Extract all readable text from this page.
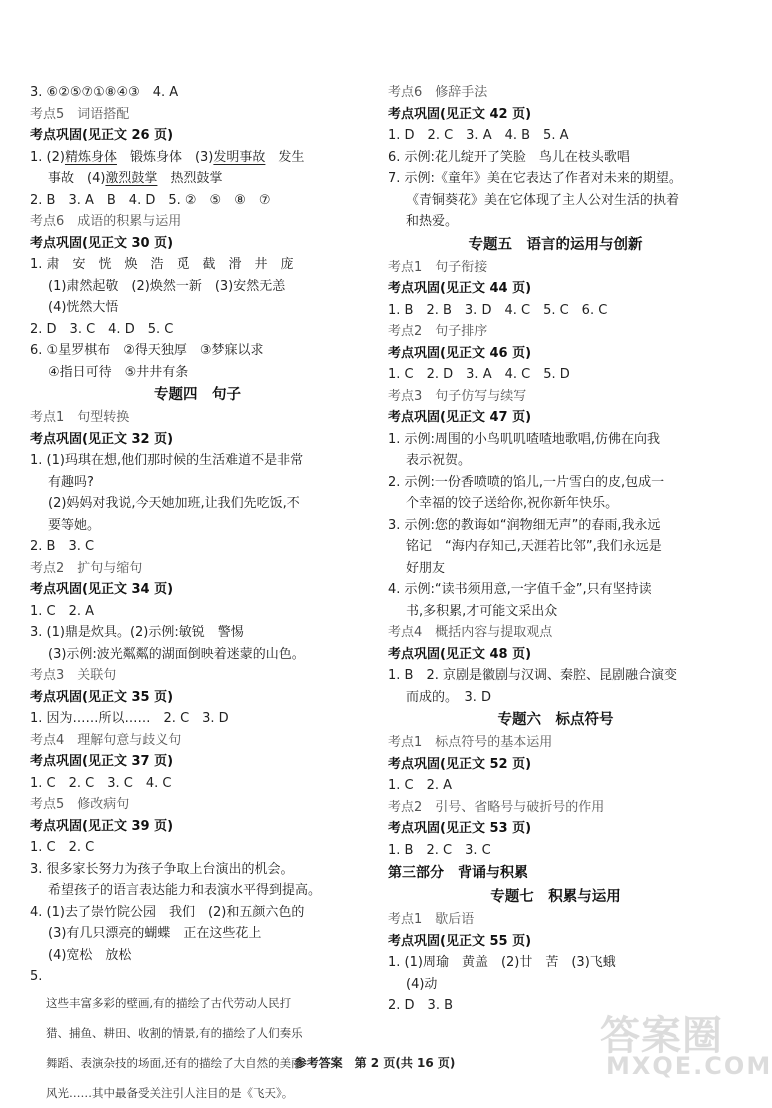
3. ⑥②⑤⑦①⑧④③　4. A
考点5　词语搭配
考点巩固(见正文 26 页)
1. (2)精炼身体　锻炼身体　(3)发明事故　发生
事故　(4)激烈鼓掌　热烈鼓掌
2. B　3. A　B　4. D　5. ②　⑤　⑧　⑦
考点6　成语的积累与运用
考点巩固(见正文 30 页)
1. 肃　安　恍　焕　浩　觅　截　滑　井　庞
(1)肃然起敬　(2)焕然一新　(3)安然无恙
(4)恍然大悟
2. D　3. C　4. D　5. C
6. ①星罗棋布　②得天独厚　③梦寐以求
④指日可待　⑤井井有条
专题四　句子
考点1　句型转换
考点巩固(见正文 32 页)
1. (1)玛琪在想,他们那时候的生活难道不是非常
有趣吗?
(2)妈妈对我说,今天她加班,让我们先吃饭,不
要等她。
2. B　3. C
考点2　扩句与缩句
考点巩固(见正文 34 页)
1. C　2. A
3. (1)鼎是炊具。(2)示例:敏锐　警惕
(3)示例:波光粼粼的湖面倒映着迷蒙的山色。
考点3　关联句
考点巩固(见正文 35 页)
1. 因为……所以……　2. C　3. D
考点4　理解句意与歧义句
考点巩固(见正文 37 页)
1. C　2. C　3. C　4. C
考点5　修改病句
考点巩固(见正文 39 页)
1. C　2. C
3. 很多家长努力为孩子争取上台演出的机会。
希望孩子的语言表达能力和表演水平得到提高。
4. (1)去了崇竹院公园　我们　(2)和五颜六色的
(3)有几只漂亮的蝴蝶　正在这些花上
(4)宽松　放松
5.
这些丰富多彩的壁画,有的描绘了古代劳动人民打
猎、捕鱼、耕田、收割的情景,有的描绘了人们奏乐
舞蹈、表演杂技的场面,还有的描绘了大自然的美丽
风光……其中最备受关注引人注目的是《飞天》。
考点6　修辞手法
考点巩固(见正文 42 页)
1. D　2. C　3. A　4. B　5. A
6. 示例:花儿绽开了笑脸　鸟儿在枝头歌唱
7. 示例:《童年》美在它表达了作者对未来的期望。
《青铜葵花》美在它体现了主人公对生活的执着
和热爱。
专题五　语言的运用与创新
考点1　句子衔接
考点巩固(见正文 44 页)
1. B　2. B　3. D　4. C　5. C　6. C
考点2　句子排序
考点巩固(见正文 46 页)
1. C　2. D　3. A　4. C　5. D
考点3　句子仿写与续写
考点巩固(见正文 47 页)
1. 示例:周围的小鸟叽叽喳喳地歌唱,仿佛在向我
表示祝贺。
2. 示例:一份香喷喷的馅儿,一片雪白的皮,包成一
个幸福的饺子送给你,祝你新年快乐。
3. 示例:您的教诲如“润物细无声”的春雨,我永远
铭记　“海内存知己,天涯若比邻”,我们永远是
好朋友
4. 示例:“读书须用意,一字值千金”,只有坚持读
书,多积累,才可能文采出众
考点4　概括内容与提取观点
考点巩固(见正文 48 页)
1. B　2. 京剧是徽剧与汉调、秦腔、昆剧融合演变
而成的。　3. D
专题六　标点符号
考点1　标点符号的基本运用
考点巩固(见正文 52 页)
1. C　2. A
考点2　引号、省略号与破折号的作用
考点巩固(见正文 53 页)
1. B　2. C　3. C
第三部分　背诵与积累
专题七　积累与运用
考点1　歇后语
考点巩固(见正文 55 页)
1. (1)周瑜　黄盖　(2)廿　苦　(3)飞蛾
(4)动
2. D　3. B
参考答案　第 2 页(共 16 页)
答案圈
MXQE.COM
